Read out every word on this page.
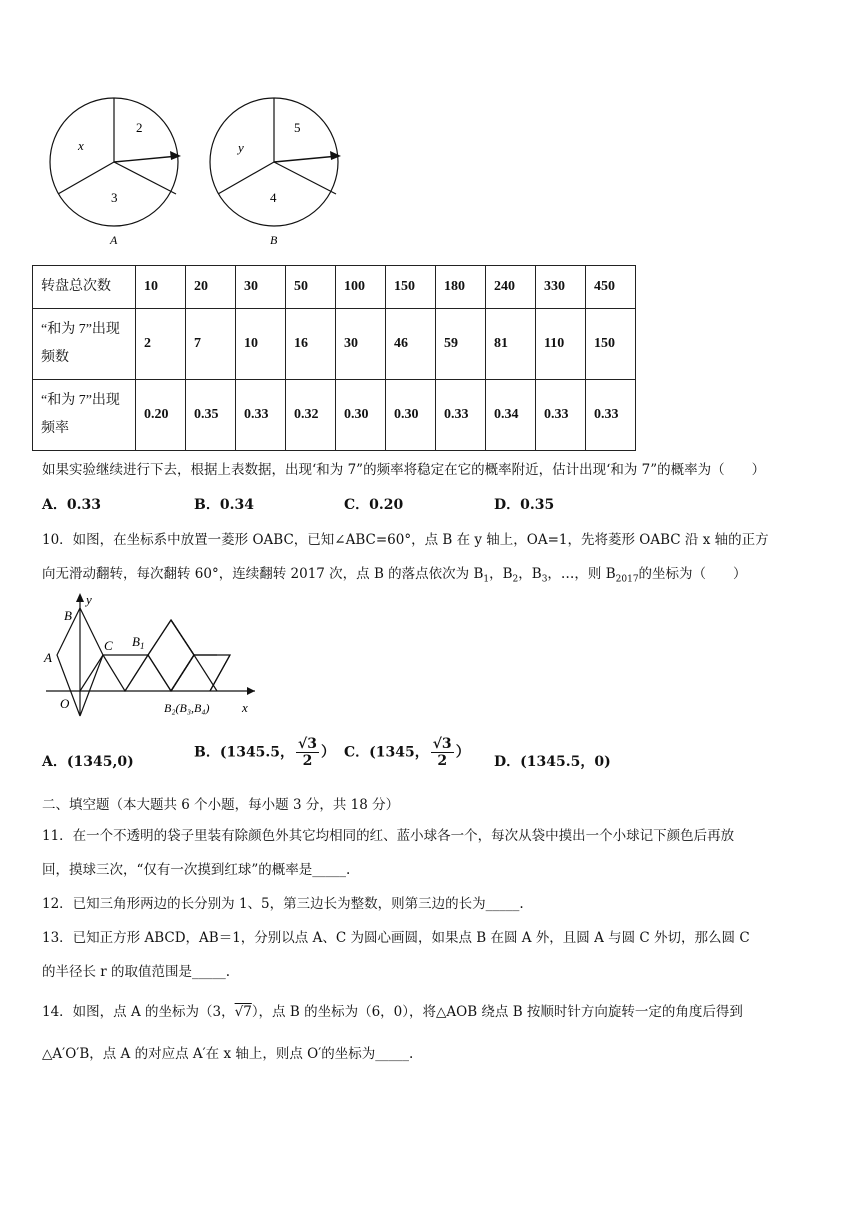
x
2
3
A
y
5
4
B
转盘总次数	10	20	30	50	100	150	180	240	330	450
“和为 7”出现频数	2	7	10	16	30	46	59	81	110	150
“和为 7”出现频率	0.20	0.35	0.33	0.32	0.30	0.30	0.33	0.34	0.33	0.33
如果实验继续进行下去，根据上表数据，出现‘和为 7”的频率将稳定在它的概率附近，估计出现‘和为 7”的概率为（　　）
A．0.33	B．0.34	C．0.20	D．0.35
10．如图，在坐标系中放置一菱形 OABC，已知∠ABC=60°，点 B 在 y 轴上，OA=1，先将菱形 OABC 沿 x 轴的正方
向无滑动翻转，每次翻转 60°，连续翻转 2017 次，点 B 的落点依次为 $B_1$，$B_2$，$B_3$，…，则 $B_{2017}$的坐标为（　　）
y
B
A
C $B_1$
O	B₂(B₃,B₄)	x
A．(1345,0)
B．(1345.5， $\frac{√3}{2}$ ） C．(1345， $\frac{√3}{2}$ ）
D．(1345.5，0)
二、填空题（本大题共 6 个小题，每小题 3 分，共 18 分）
11．在一个不透明的袋子里装有除颜色外其它均相同的红、蓝小球各一个，每次从袋中摸出一个小球记下颜色后再放
回，摸球三次，“仅有一次摸到红球”的概率是_____.
12．已知三角形两边的长分别为 1、5，第三边长为整数，则第三边的长为_____.
13．已知正方形 ABCD，AB＝1，分别以点 A、C 为圆心画圆，如果点 B 在圆 A 外，且圆 A 与圆 C 外切，那么圆 C
的半径长 r 的取值范围是_____.
14．如图，点 A 的坐标为（3，√7），点 B 的坐标为（6，0），将△AOB 绕点 B 按顺时针方向旋转一定的角度后得到
△A′O′B，点 A 的对应点 A′在 x 轴上，则点 O′的坐标为_____.
